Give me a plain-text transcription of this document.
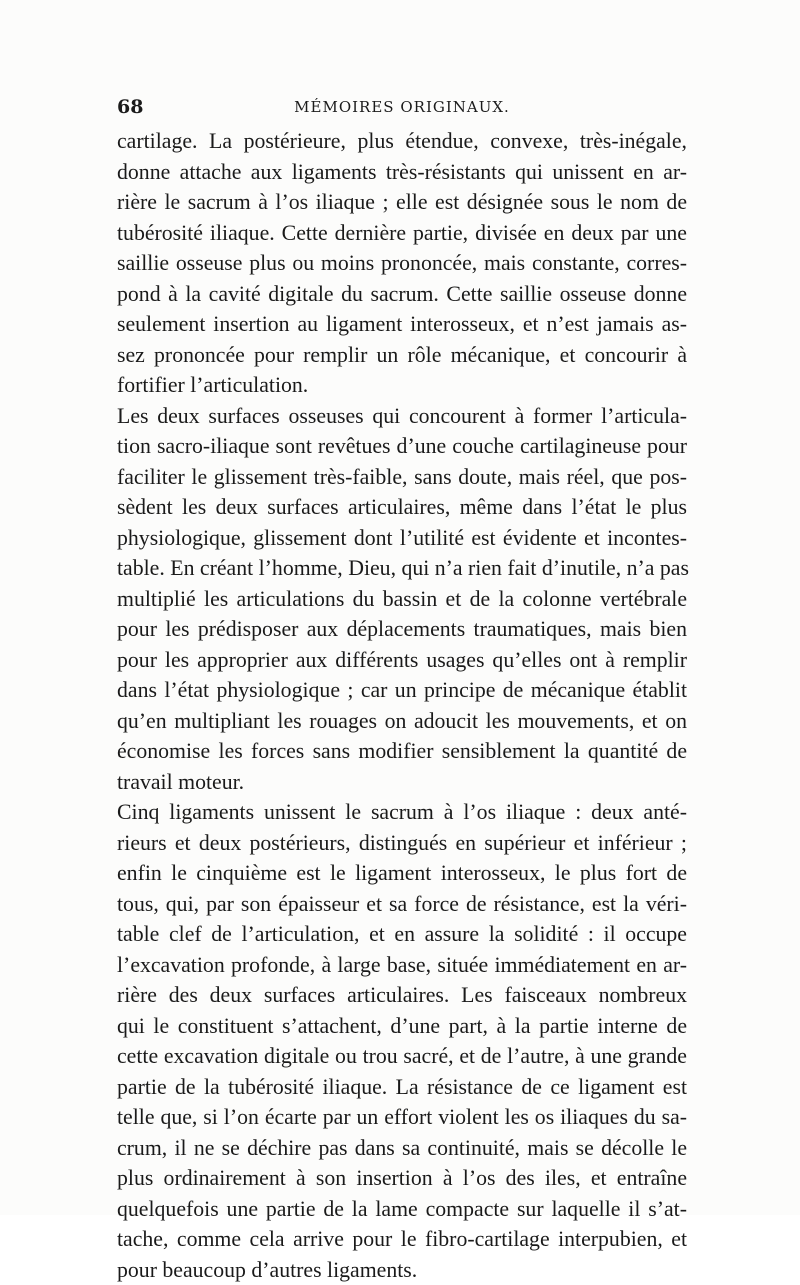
68	MÉMOIRES ORIGINAUX.

cartilage. La postérieure, plus étendue, convexe, très-inégale,
donne attache aux ligaments très-résistants qui unissent en ar-
rière le sacrum à l’os iliaque ; elle est désignée sous le nom de
tubérosité iliaque. Cette dernière partie, divisée en deux par une
saillie osseuse plus ou moins prononcée, mais constante, corres-
pond à la cavité digitale du sacrum. Cette saillie osseuse donne
seulement insertion au ligament interosseux, et n’est jamais as-
sez prononcée pour remplir un rôle mécanique, et concourir à
fortifier l’articulation.

Les deux surfaces osseuses qui concourent à former l’articula-
tion sacro-iliaque sont revêtues d’une couche cartilagineuse pour
faciliter le glissement très-faible, sans doute, mais réel, que pos-
sèdent les deux surfaces articulaires, même dans l’état le plus
physiologique, glissement dont l’utilité est évidente et incontes-
table. En créant l’homme, Dieu, qui n’a rien fait d’inutile, n’a pas
multiplié les articulations du bassin et de la colonne vertébrale
pour les prédisposer aux déplacements traumatiques, mais bien
pour les approprier aux différents usages qu’elles ont à remplir
dans l’état physiologique ; car un principe de mécanique établit
qu’en multipliant les rouages on adoucit les mouvements, et on
économise les forces sans modifier sensiblement la quantité de
travail moteur.

Cinq ligaments unissent le sacrum à l’os iliaque : deux anté-
rieurs et deux postérieurs, distingués en supérieur et inférieur ;
enfin le cinquième est le ligament interosseux, le plus fort de
tous, qui, par son épaisseur et sa force de résistance, est la véri-
table clef de l’articulation, et en assure la solidité : il occupe
l’excavation profonde, à large base, située immédiatement en ar-
rière des deux surfaces articulaires. Les faisceaux nombreux
qui le constituent s’attachent, d’une part, à la partie interne de
cette excavation digitale ou trou sacré, et de l’autre, à une grande
partie de la tubérosité iliaque. La résistance de ce ligament est
telle que, si l’on écarte par un effort violent les os iliaques du sa-
crum, il ne se déchire pas dans sa continuité, mais se décolle le
plus ordinairement à son insertion à l’os des iles, et entraîne
quelquefois une partie de la lame compacte sur laquelle il s’at-
tache, comme cela arrive pour le fibro-cartilage interpubien, et
pour beaucoup d’autres ligaments.
